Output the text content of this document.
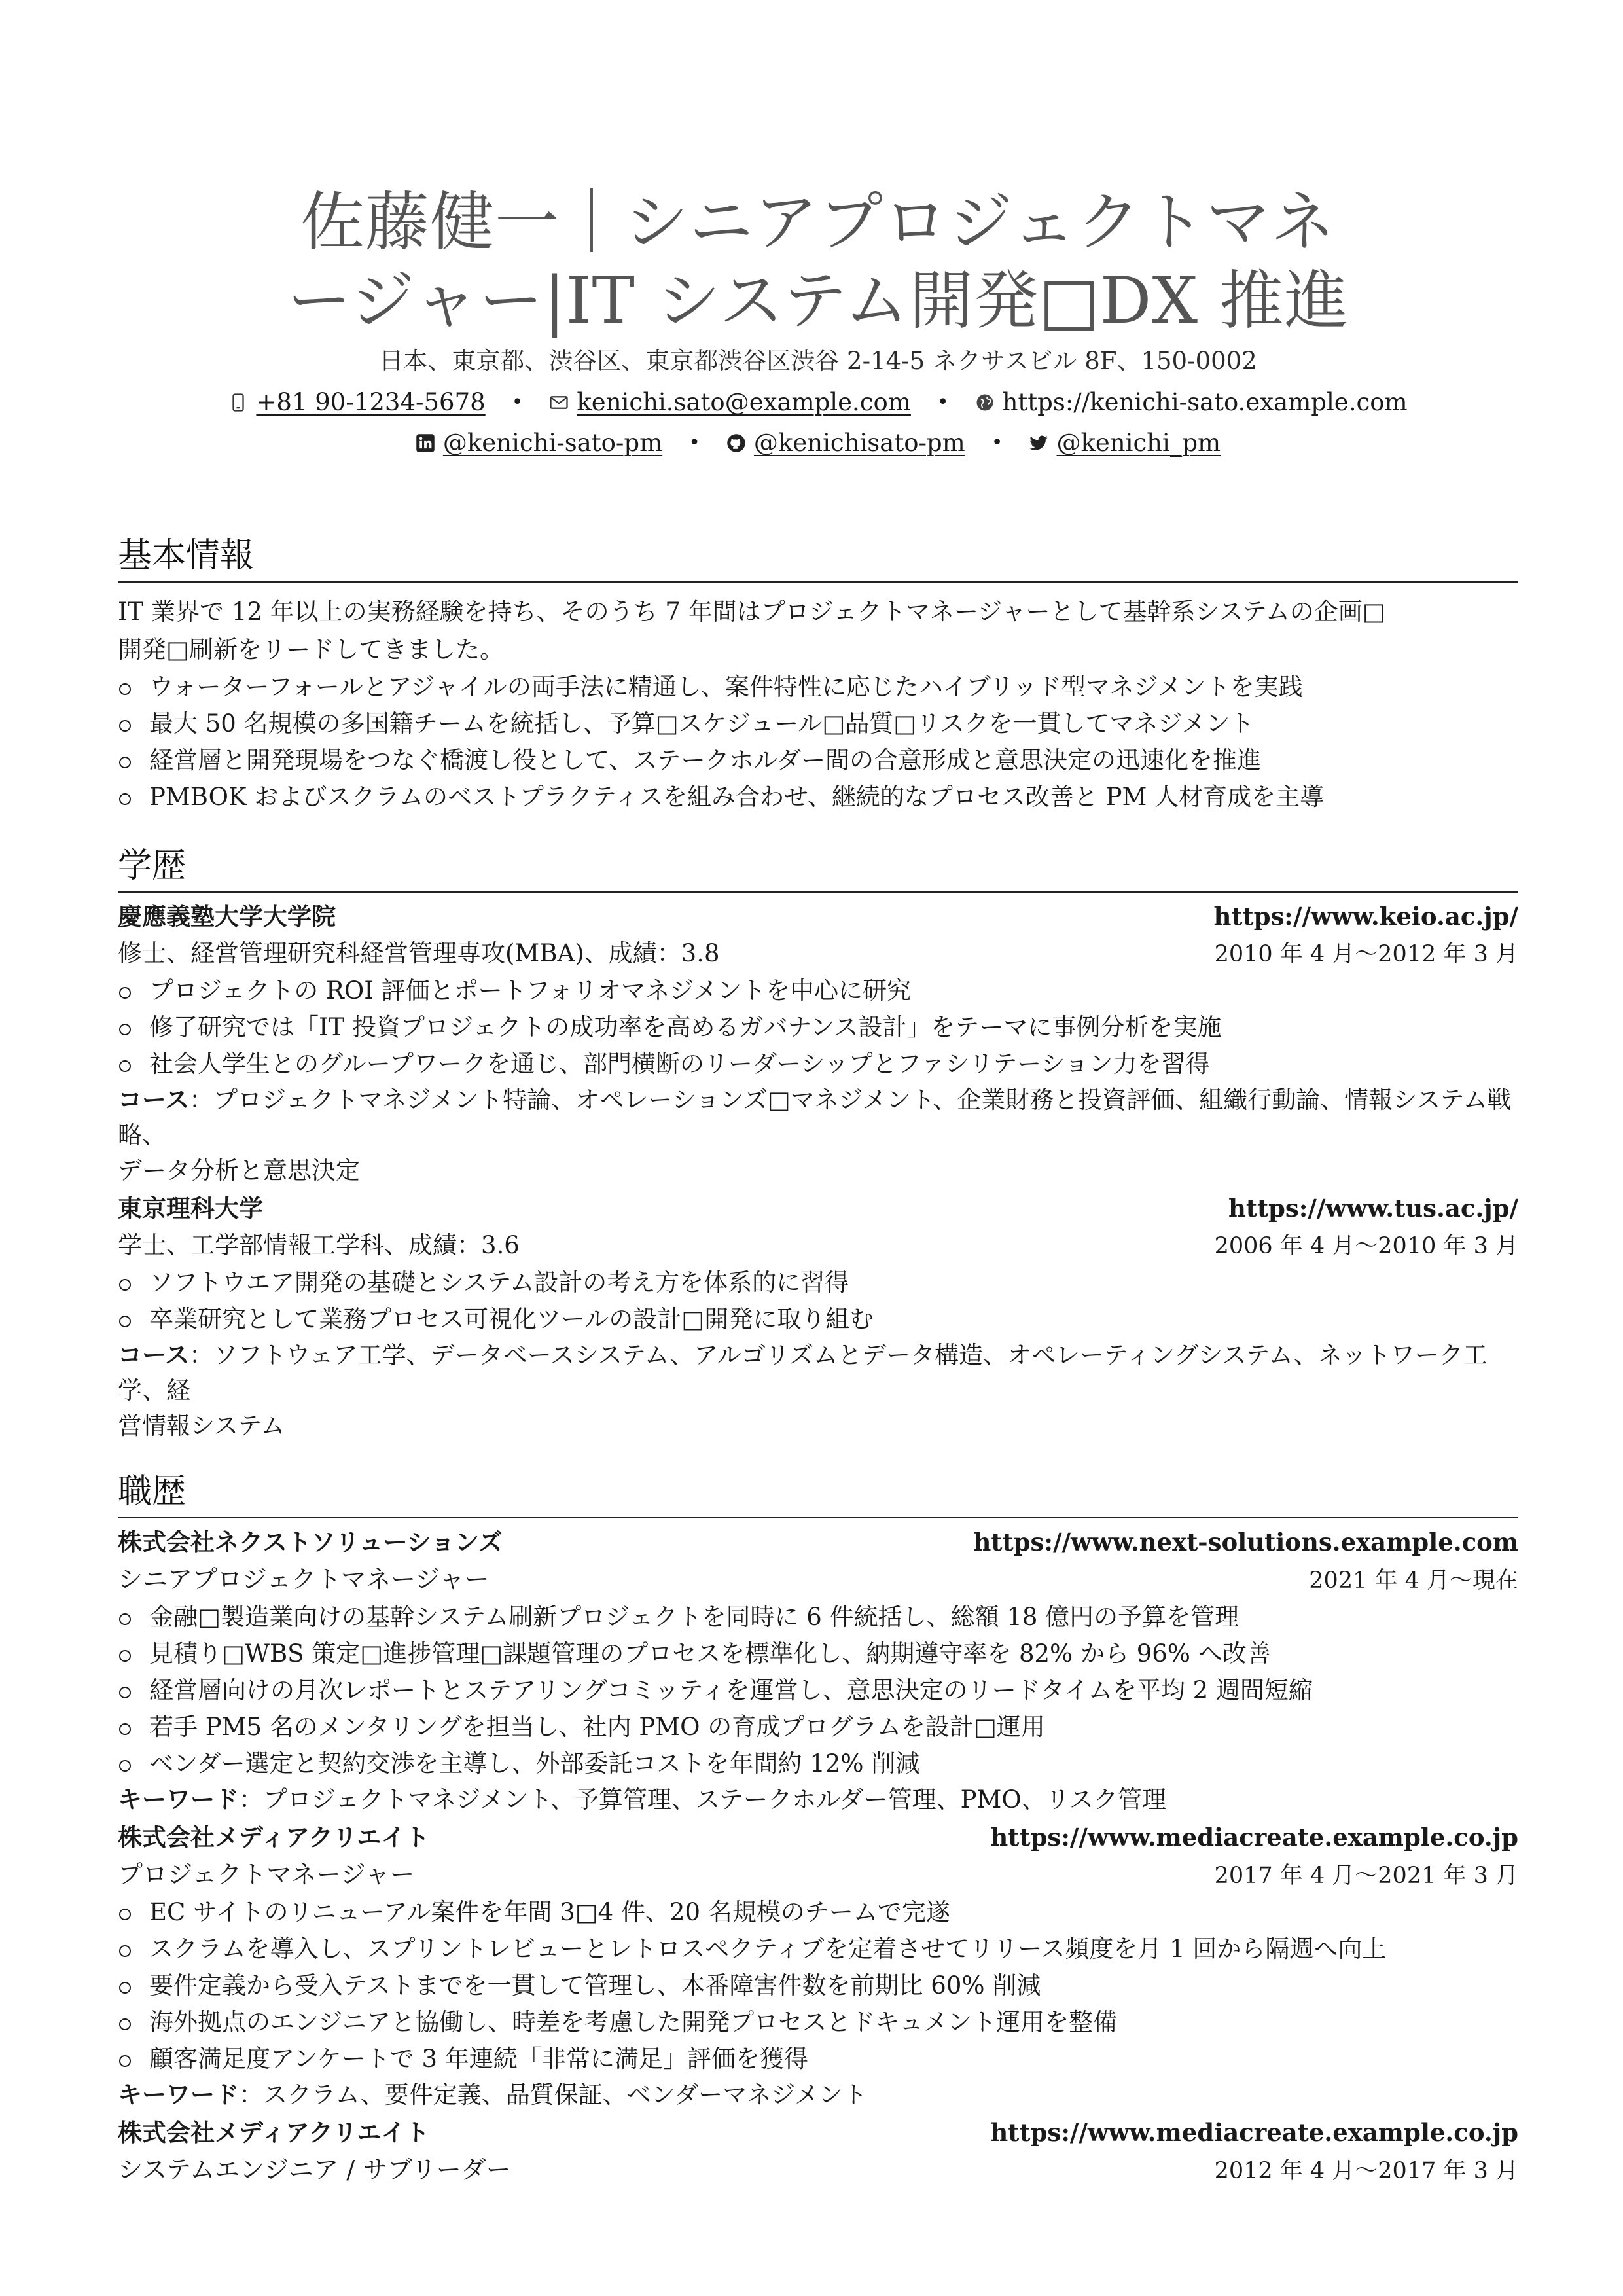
佐藤健一｜シニアプロジェクトマネ
ージャー|IT システム開発□DX 推進
日本、東京都、渋谷区、東京都渋谷区渋谷 2-14-5 ネクサスビル 8F、150-0002
+81 90-1234-5678 • kenichi.sato@example.com • https://kenichi-sato.example.com
@kenichi-sato-pm • @kenichisato-pm • @kenichi_pm
基本情報

IT 業界で 12 年以上の実務経験を持ち、そのうち 7 年間はプロジェクトマネージャーとして基幹系システムの企画□
開発□刷新をリードしてきました。

ウォーターフォールとアジャイルの両手法に精通し、案件特性に応じたハイブリッド型マネジメントを実践
最大 50 名規模の多国籍チームを統括し、予算□スケジュール□品質□リスクを一貫してマネジメント
経営層と開発現場をつなぐ橋渡し役として、ステークホルダー間の合意形成と意思決定の迅速化を推進
PMBOK およびスクラムのベストプラクティスを組み合わせ、継続的なプロセス改善と PM 人材育成を主導
学歴
慶應義塾大学大学院	https://www.keio.ac.jp/
修士、経営管理研究科経営管理専攻(MBA)、成績：3.8	2010 年 4 月〜2012 年 3 月
プロジェクトの ROI 評価とポートフォリオマネジメントを中心に研究
修了研究では「IT 投資プロジェクトの成功率を高めるガバナンス設計」をテーマに事例分析を実施
社会人学生とのグループワークを通じ、部門横断のリーダーシップとファシリテーション力を習得

コース：プロジェクトマネジメント特論、オペレーションズ□マネジメント、企業財務と投資評価、組織行動論、情報システム戦略、
データ分析と意思決定

東京理科大学	https://www.tus.ac.jp/
学士、工学部情報工学科、成績：3.6	2006 年 4 月〜2010 年 3 月
ソフトウエア開発の基礎とシステム設計の考え方を体系的に習得
卒業研究として業務プロセス可視化ツールの設計□開発に取り組む

コース：ソフトウェア工学、データベースシステム、アルゴリズムとデータ構造、オペレーティングシステム、ネットワーク工学、経
営情報システム

職歴
株式会社ネクストソリューションズ	https://www.next-solutions.example.com
シニアプロジェクトマネージャー	2021 年 4 月〜現在
金融□製造業向けの基幹システム刷新プロジェクトを同時に 6 件統括し、総額 18 億円の予算を管理
見積り□WBS 策定□進捗管理□課題管理のプロセスを標準化し、納期遵守率を 82% から 96% へ改善
経営層向けの月次レポートとステアリングコミッティを運営し、意思決定のリードタイムを平均 2 週間短縮
若手 PM5 名のメンタリングを担当し、社内 PMO の育成プログラムを設計□運用
ベンダー選定と契約交渉を主導し、外部委託コストを年間約 12% 削減

キーワード：プロジェクトマネジメント、予算管理、ステークホルダー管理、PMO、リスク管理

株式会社メディアクリエイト	https://www.mediacreate.example.co.jp
プロジェクトマネージャー	2017 年 4 月〜2021 年 3 月
EC サイトのリニューアル案件を年間 3□4 件、20 名規模のチームで完遂
スクラムを導入し、スプリントレビューとレトロスペクティブを定着させてリリース頻度を月 1 回から隔週へ向上
要件定義から受入テストまでを一貫して管理し、本番障害件数を前期比 60% 削減
海外拠点のエンジニアと協働し、時差を考慮した開発プロセスとドキュメント運用を整備
顧客満足度アンケートで 3 年連続「非常に満足」評価を獲得

キーワード：スクラム、要件定義、品質保証、ベンダーマネジメント

株式会社メディアクリエイト	https://www.mediacreate.example.co.jp
システムエンジニア / サブリーダー	2012 年 4 月〜2017 年 3 月
